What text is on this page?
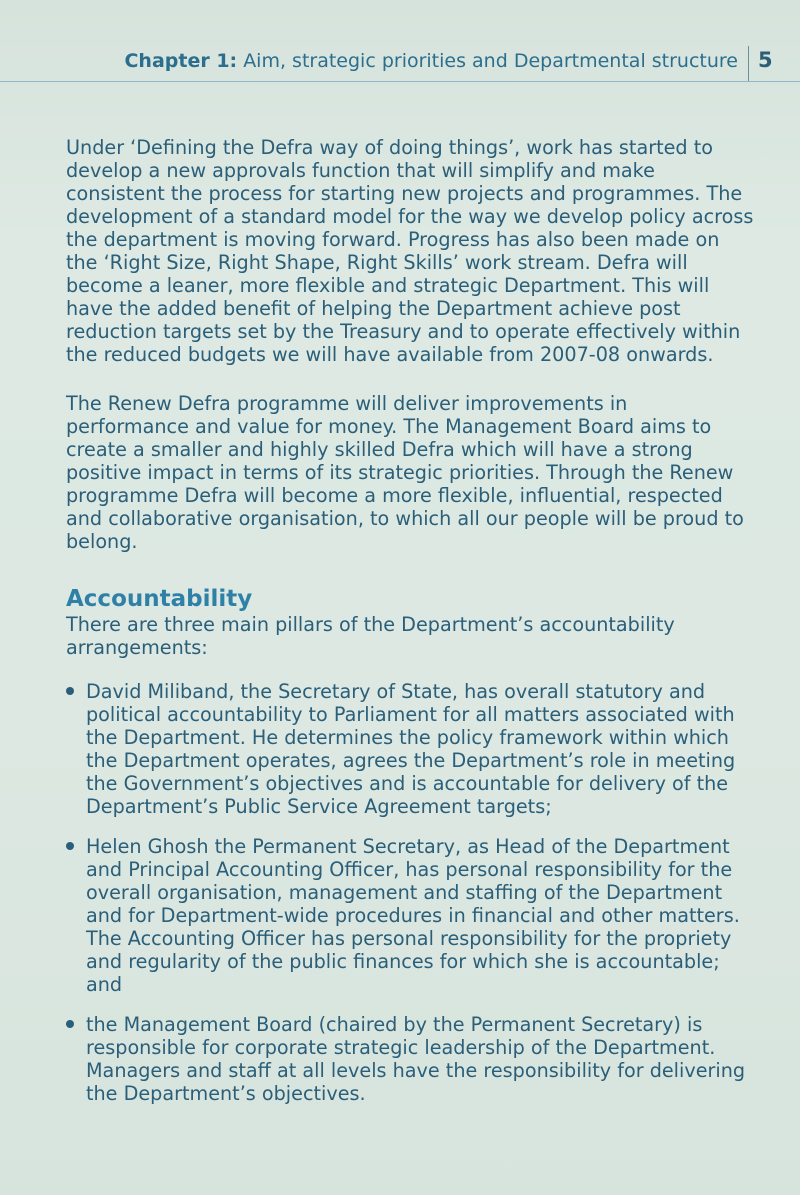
Chapter 1: Aim, strategic priorities and Departmental structure 5

Under ‘Defining the Defra way of doing things’, work has started to develop a new approvals function that will simplify and make consistent the process for starting new projects and programmes. The development of a standard model for the way we develop policy across the department is moving forward. Progress has also been made on the ‘Right Size, Right Shape, Right Skills’ work stream. Defra will become a leaner, more flexible and strategic Department. This will have the added benefit of helping the Department achieve post reduction targets set by the Treasury and to operate effectively within the reduced budgets we will have available from 2007-08 onwards.

The Renew Defra programme will deliver improvements in performance and value for money. The Management Board aims to create a smaller and highly skilled Defra which will have a strong positive impact in terms of its strategic priorities. Through the Renew programme Defra will become a more flexible, influential, respected and collaborative organisation, to which all our people will be proud to belong.

Accountability

There are three main pillars of the Department’s accountability arrangements:

David Miliband, the Secretary of State, has overall statutory and political accountability to Parliament for all matters associated with the Department. He determines the policy framework within which the Department operates, agrees the Department’s role in meeting the Government’s objectives and is accountable for delivery of the Department’s Public Service Agreement targets;
Helen Ghosh the Permanent Secretary, as Head of the Department and Principal Accounting Officer, has personal responsibility for the overall organisation, management and staffing of the Department and for Department-wide procedures in financial and other matters. The Accounting Officer has personal responsibility for the propriety and regularity of the public finances for which she is accountable; and
the Management Board (chaired by the Permanent Secretary) is responsible for corporate strategic leadership of the Department. Managers and staff at all levels have the responsibility for delivering the Department’s objectives.
